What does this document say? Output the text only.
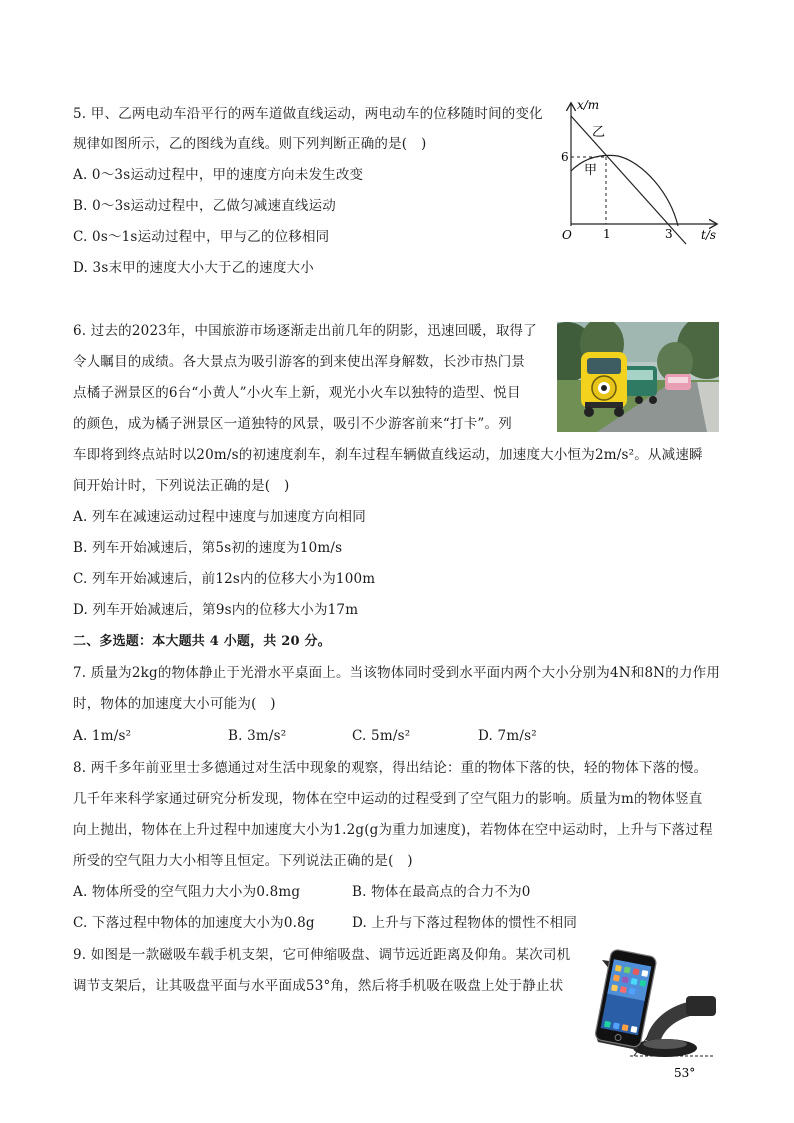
5. 甲、乙两电动车沿平行的两车道做直线运动，两电动车的位移随时间的变化
规律如图所示，乙的图线为直线。则下列判断正确的是(　)
A. 0～3s运动过程中，甲的速度方向未发生改变
B. 0～3s运动过程中，乙做匀减速直线运动
C. 0s～1s运动过程中，甲与乙的位移相同
D. 3s末甲的速度大小大于乙的速度大小
x/m
t/s
O
6
1	3
乙
甲
6. 过去的2023年，中国旅游市场逐渐走出前几年的阴影，迅速回暖，取得了
令人瞩目的成绩。各大景点为吸引游客的到来使出浑身解数，长沙市热门景
点橘子洲景区的6台“小黄人”小火车上新，观光小火车以独特的造型、悦目
的颜色，成为橘子洲景区一道独特的风景，吸引不少游客前来“打卡”。列
车即将到终点站时以20m/s的初速度刹车，刹车过程车辆做直线运动，加速度大小恒为2m/s²。从减速瞬
间开始计时，下列说法正确的是(　)
A. 列车在减速运动过程中速度与加速度方向相同
B. 列车开始减速后，第5s初的速度为10m/s
C. 列车开始减速后，前12s内的位移大小为100m
D. 列车开始减速后，第9s内的位移大小为17m
二、多选题：本大题共 4 小题，共 20 分。
7. 质量为2kg的物体静止于光滑水平桌面上。当该物体同时受到水平面内两个大小分别为4N和8N的力作用
时，物体的加速度大小可能为(　)
A. 1m/s²	B. 3m/s²	C. 5m/s²	D. 7m/s²
8. 两千多年前亚里士多德通过对生活中现象的观察，得出结论：重的物体下落的快，轻的物体下落的慢。
几千年来科学家通过研究分析发现，物体在空中运动的过程受到了空气阻力的影响。质量为m的物体竖直
向上抛出，物体在上升过程中加速度大小为1.2g(g为重力加速度)，若物体在空中运动时，上升与下落过程
所受的空气阻力大小相等且恒定。下列说法正确的是(　)
A. 物体所受的空气阻力大小为0.8mg	B. 物体在最高点的合力不为0
C. 下落过程中物体的加速度大小为0.8g	D. 上升与下落过程物体的惯性不相同
9. 如图是一款磁吸车载手机支架，它可伸缩吸盘、调节远近距离及仰角。某次司机
调节支架后，让其吸盘平面与水平面成53°角，然后将手机吸在吸盘上处于静止状
53°
